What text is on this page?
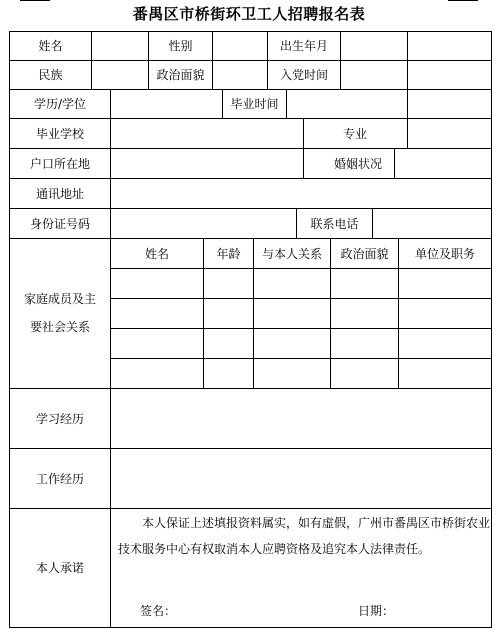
番禺区市桥街环卫工人招聘报名表
姓名	性别	出生年月
民族	政治面貌	入党时间
学历/学位	毕业时间
毕业学校	专业
户口所在地	婚姻状况
通讯地址
身份证号码	联系电话
家庭成员及主
要社会关系
姓名	年龄	与本人关系	政治面貌	单位及职务
学习经历
工作经历
本人承诺
本人保证上述填报资料属实，如有虚假，广州市番禺区市桥街农业技术服务中心有权取消本人应聘资格及追究本人法律责任。
签名：	日期：
